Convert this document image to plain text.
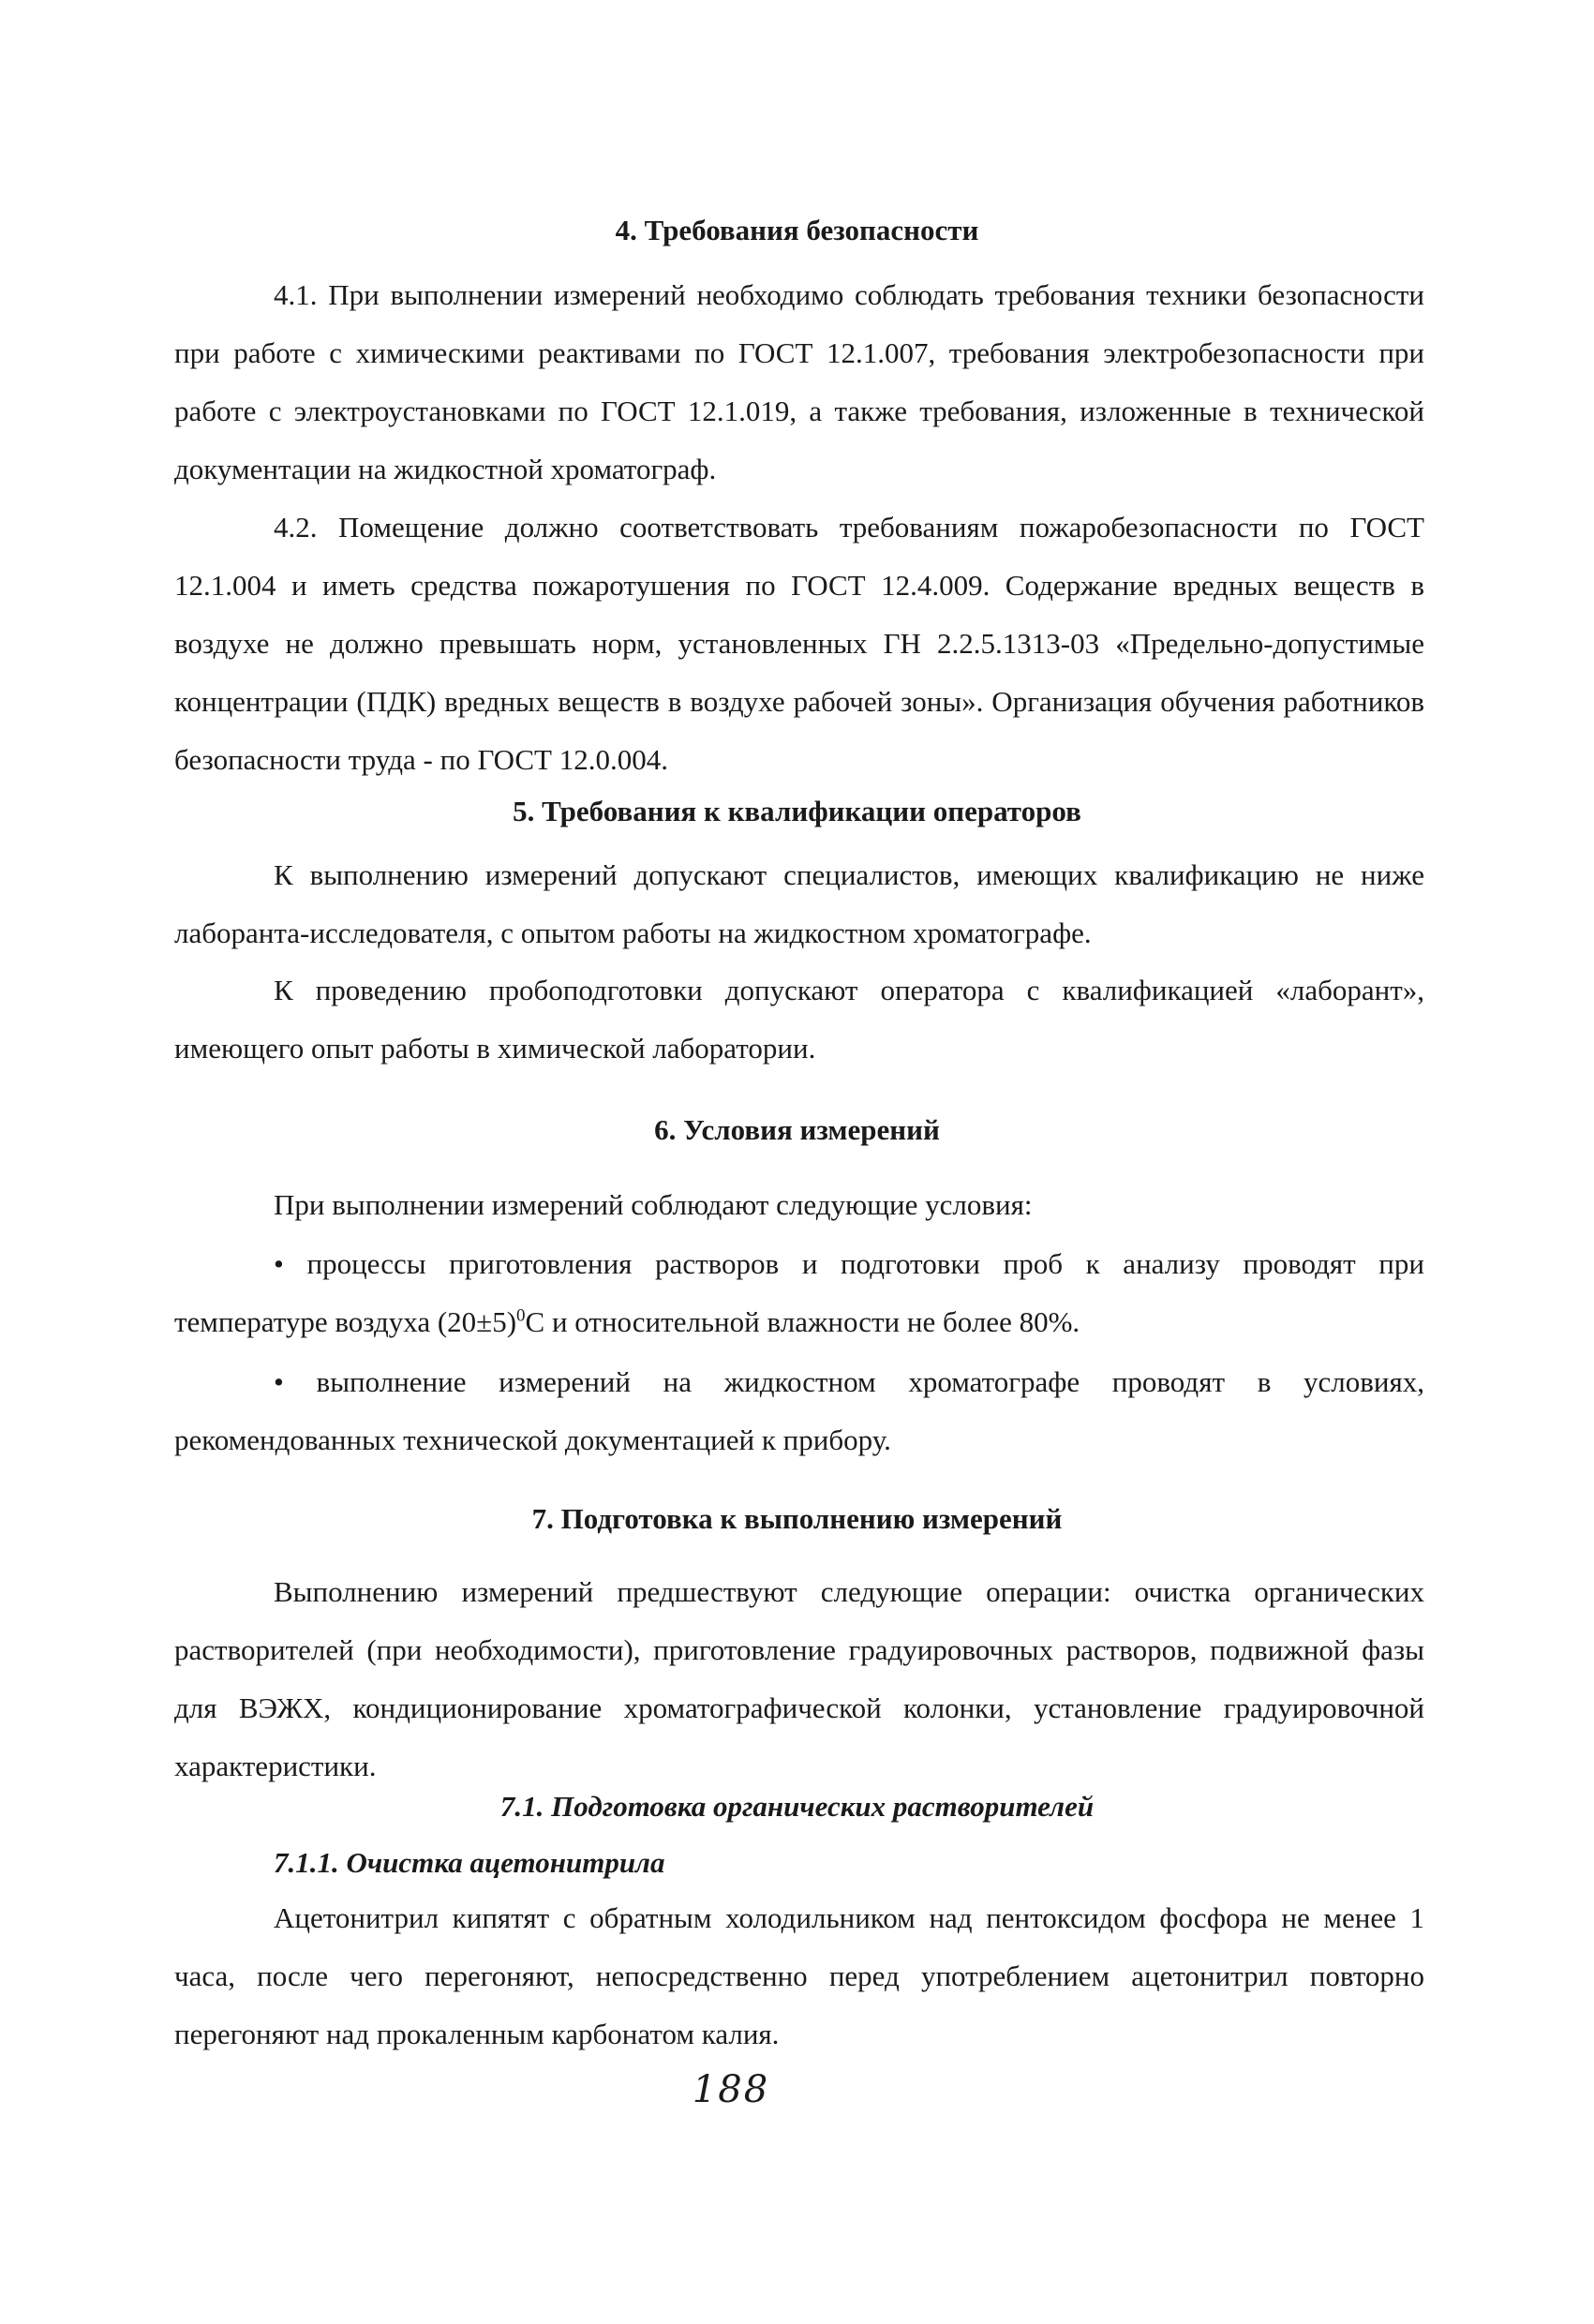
4. Требования безопасности

4.1. При выполнении измерений необходимо соблюдать требования техники безопасности при работе с химическими реактивами по ГОСТ 12.1.007, требования электробезопасности при работе с электроустановками по ГОСТ 12.1.019, а также требования, изложенные в технической документации на жидкостной хроматограф.

4.2. Помещение должно соответствовать требованиям пожаробезопасности по ГОСТ 12.1.004 и иметь средства пожаротушения по ГОСТ 12.4.009. Содержание вредных веществ в воздухе не должно превышать норм, установленных ГН 2.2.5.1313-03 «Предельно-допустимые концентрации (ПДК) вредных веществ в воздухе рабочей зоны». Организация обучения работников безопасности труда - по ГОСТ 12.0.004.

5. Требования к квалификации операторов

К выполнению измерений допускают специалистов, имеющих квалификацию не ниже лаборанта-исследователя, с опытом работы на жидкостном хроматографе.

К проведению пробоподготовки допускают оператора с квалификацией «лаборант», имеющего опыт работы в химической лаборатории.

6. Условия измерений

При выполнении измерений соблюдают следующие условия:

• процессы приготовления растворов и подготовки проб к анализу проводят при температуре воздуха $(20\pm 5)^0С$ и относительной влажности не более 80%.

• выполнение измерений на жидкостном хроматографе проводят в условиях, рекомендованных технической документацией к прибору.

7. Подготовка к выполнению измерений

Выполнению измерений предшествуют следующие операции: очистка органических растворителей (при необходимости), приготовление градуировочных растворов, подвижной фазы для ВЭЖХ, кондиционирование хроматографической колонки, установление градуировочной характеристики.

7.1. Подготовка органических растворителей
7.1.1. Очистка ацетонитрила

Ацетонитрил кипятят с обратным холодильником над пентоксидом фосфора не менее 1 часа, после чего перегоняют, непосредственно перед употреблением ацетонитрил повторно перегоняют над прокаленным карбонатом калия.

188
